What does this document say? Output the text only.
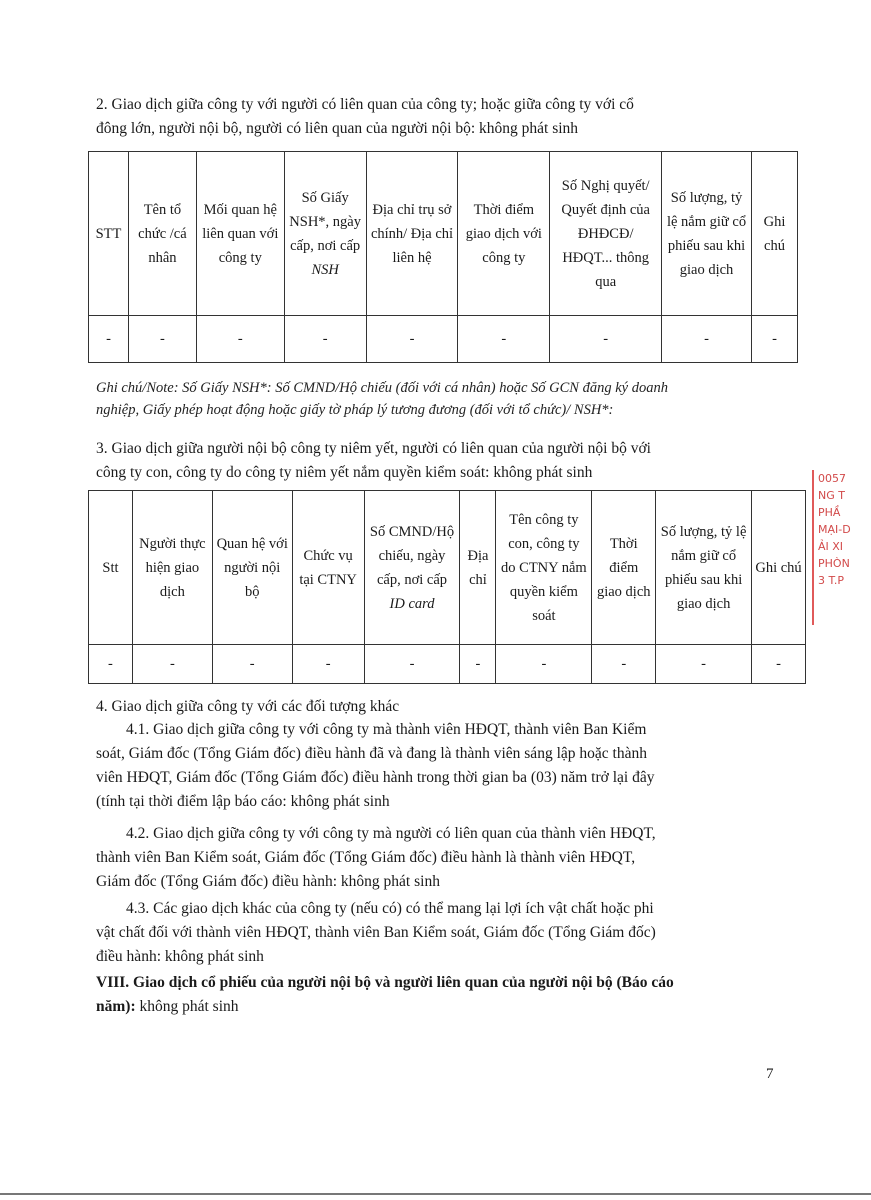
2. Giao dịch giữa công ty với người có liên quan của công ty; hoặc giữa công ty với cổ
đông lớn, người nội bộ, người có liên quan của người nội bộ: không phát sinh
STT	Tên tổ chức /cá nhân	Mối quan hệ liên quan với công ty	Số Giấy NSH*, ngày cấp, nơi cấp NSH	Địa chỉ trụ sở chính/ Địa chỉ liên hệ	Thời điểm giao dịch với công ty	Số Nghị quyết/ Quyết định của ĐHĐCĐ/ HĐQT... thông qua	Số lượng, tỷ lệ nắm giữ cổ phiếu sau khi giao dịch	Ghi chú
-	-	-	-	-	-	-	-	-
Ghi chú/Note: Số Giấy NSH*: Số CMND/Hộ chiếu (đối với cá nhân) hoặc Số GCN đăng ký doanh
nghiệp, Giấy phép hoạt động hoặc giấy tờ pháp lý tương đương (đối với tổ chức)/ NSH*:
3. Giao dịch giữa người nội bộ công ty niêm yết, người có liên quan của người nội bộ với
công ty con, công ty do công ty niêm yết nắm quyền kiểm soát: không phát sinh
Stt	Người thực hiện giao dịch	Quan hệ với người nội bộ	Chức vụ tại CTNY	Số CMND/Hộ chiếu, ngày cấp, nơi cấp ID card	Địa chỉ	Tên công ty con, công ty do CTNY nắm quyền kiểm soát	Thời điểm giao dịch	Số lượng, tỷ lệ nắm giữ cổ phiếu sau khi giao dịch	Ghi chú
-	-	-	-	-	-	-	-	-	-
4. Giao dịch giữa công ty với các đối tượng khác
4.1. Giao dịch giữa công ty với công ty mà thành viên HĐQT, thành viên Ban Kiểm
soát, Giám đốc (Tổng Giám đốc) điều hành đã và đang là thành viên sáng lập hoặc thành
viên HĐQT, Giám đốc (Tổng Giám đốc) điều hành trong thời gian ba (03) năm trở lại đây
(tính tại thời điểm lập báo cáo: không phát sinh
4.2. Giao dịch giữa công ty với công ty mà người có liên quan của thành viên HĐQT,
thành viên Ban Kiểm soát, Giám đốc (Tổng Giám đốc) điều hành là thành viên HĐQT,
Giám đốc (Tổng Giám đốc) điều hành: không phát sinh
4.3. Các giao dịch khác của công ty (nếu có) có thể mang lại lợi ích vật chất hoặc phi
vật chất đối với thành viên HĐQT, thành viên Ban Kiểm soát, Giám đốc (Tổng Giám đốc)
điều hành: không phát sinh
VIII. Giao dịch cổ phiếu của người nội bộ và người liên quan của người nội bộ (Báo cáo
năm): không phát sinh
0057
NG T
PHẦ
MẠI-D
ẢI XI
PHÒN
3 T.P
7
